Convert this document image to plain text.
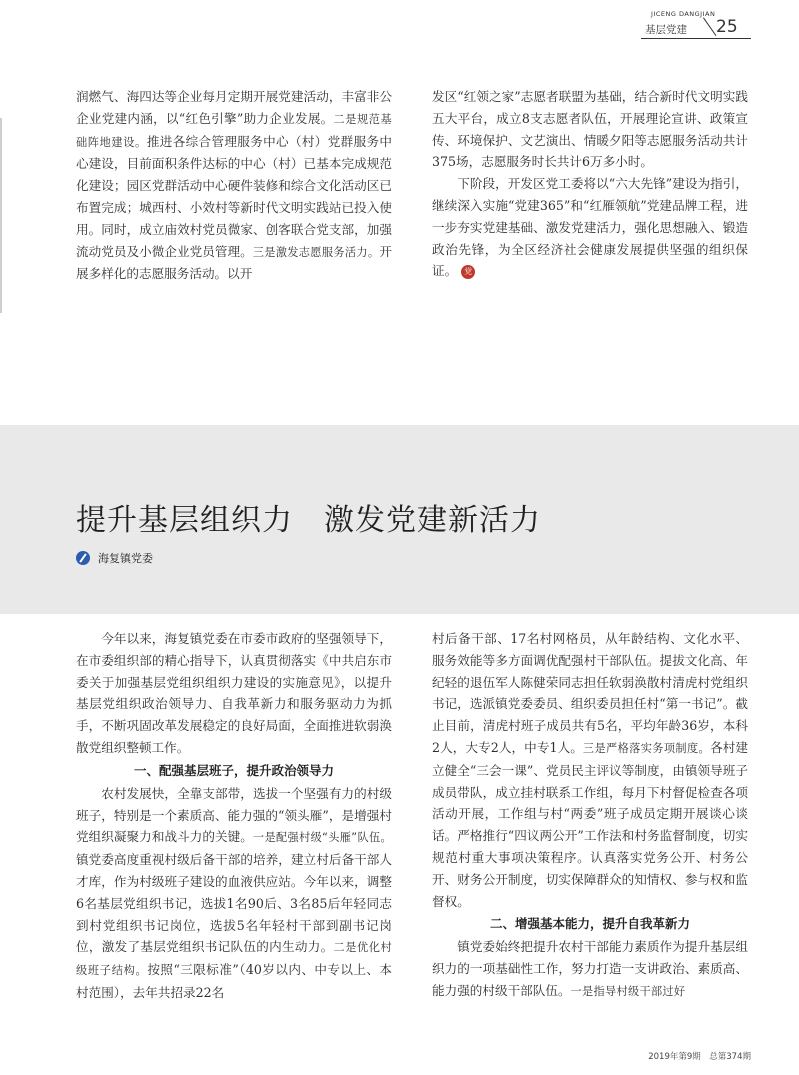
JICENG DANGJIAN
基层党建 25

润燃气、海四达等企业每月定期开展党建活动，丰富非公企业党建内涵，以“红色引擎”助力企业发展。二是规范基础阵地建设。推进各综合管理服务中心（村）党群服务中心建设，目前面积条件达标的中心（村）已基本完成规范化建设；园区党群活动中心硬件装修和综合文化活动区已布置完成；城西村、小效村等新时代文明实践站已投入使用。同时，成立庙效村党员微家、创客联合党支部，加强流动党员及小微企业党员管理。三是激发志愿服务活力。开展多样化的志愿服务活动。以开

发区“红领之家”志愿者联盟为基础，结合新时代文明实践五大平台，成立8支志愿者队伍，开展理论宣讲、政策宣传、环境保护、文艺演出、情暖夕阳等志愿服务活动共计375场，志愿服务时长共计6万多小时。

下阶段，开发区党工委将以“六大先锋”建设为指引，继续深入实施“党建365”和“红雁领航”党建品牌工程，进一步夯实党建基础、激发党建活力，强化思想融入、锻造政治先锋，为全区经济社会健康发展提供坚强的组织保证。 党

提升基层组织力　激发党建新活力
海复镇党委

今年以来，海复镇党委在市委市政府的坚强领导下，在市委组织部的精心指导下，认真贯彻落实《中共启东市委关于加强基层党组织组织力建设的实施意见》，以提升基层党组织政治领导力、自我革新力和服务驱动力为抓手，不断巩固改革发展稳定的良好局面，全面推进软弱涣散党组织整顿工作。

一、配强基层班子，提升政治领导力

农村发展快，全靠支部带，选拔一个坚强有力的村级班子，特别是一个素质高、能力强的“领头雁”，是增强村党组织凝聚力和战斗力的关键。一是配强村级“头雁”队伍。镇党委高度重视村级后备干部的培养，建立村后备干部人才库，作为村级班子建设的血液供应站。今年以来，调整6名基层党组织书记，选拔1名90后、3名85后年轻同志到村党组织书记岗位，选拔5名年轻村干部到副书记岗位，激发了基层党组织书记队伍的内生动力。二是优化村级班子结构。按照“三限标准”（40岁以内、中专以上、本村范围），去年共招录22名

村后备干部、17名村网格员，从年龄结构、文化水平、服务效能等多方面调优配强村干部队伍。提拔文化高、年纪轻的退伍军人陈健荣同志担任软弱涣散村清虎村党组织书记，选派镇党委委员、组织委员担任村“第一书记”。截止目前，清虎村班子成员共有5名，平均年龄36岁，本科2人，大专2人，中专1人。三是严格落实务项制度。各村建立健全“三会一课”、党员民主评议等制度，由镇领导班子成员带队，成立挂村联系工作组，每月下村督促检查各项活动开展，工作组与村“两委”班子成员定期开展谈心谈话。严格推行“四议两公开”工作法和村务监督制度，切实规范村重大事项决策程序。认真落实党务公开、村务公开、财务公开制度，切实保障群众的知情权、参与权和监督权。

二、增强基本能力，提升自我革新力

镇党委始终把提升农村干部能力素质作为提升基层组织力的一项基础性工作，努力打造一支讲政治、素质高、能力强的村级干部队伍。一是指导村级干部过好

2019年第9期　总第374期
